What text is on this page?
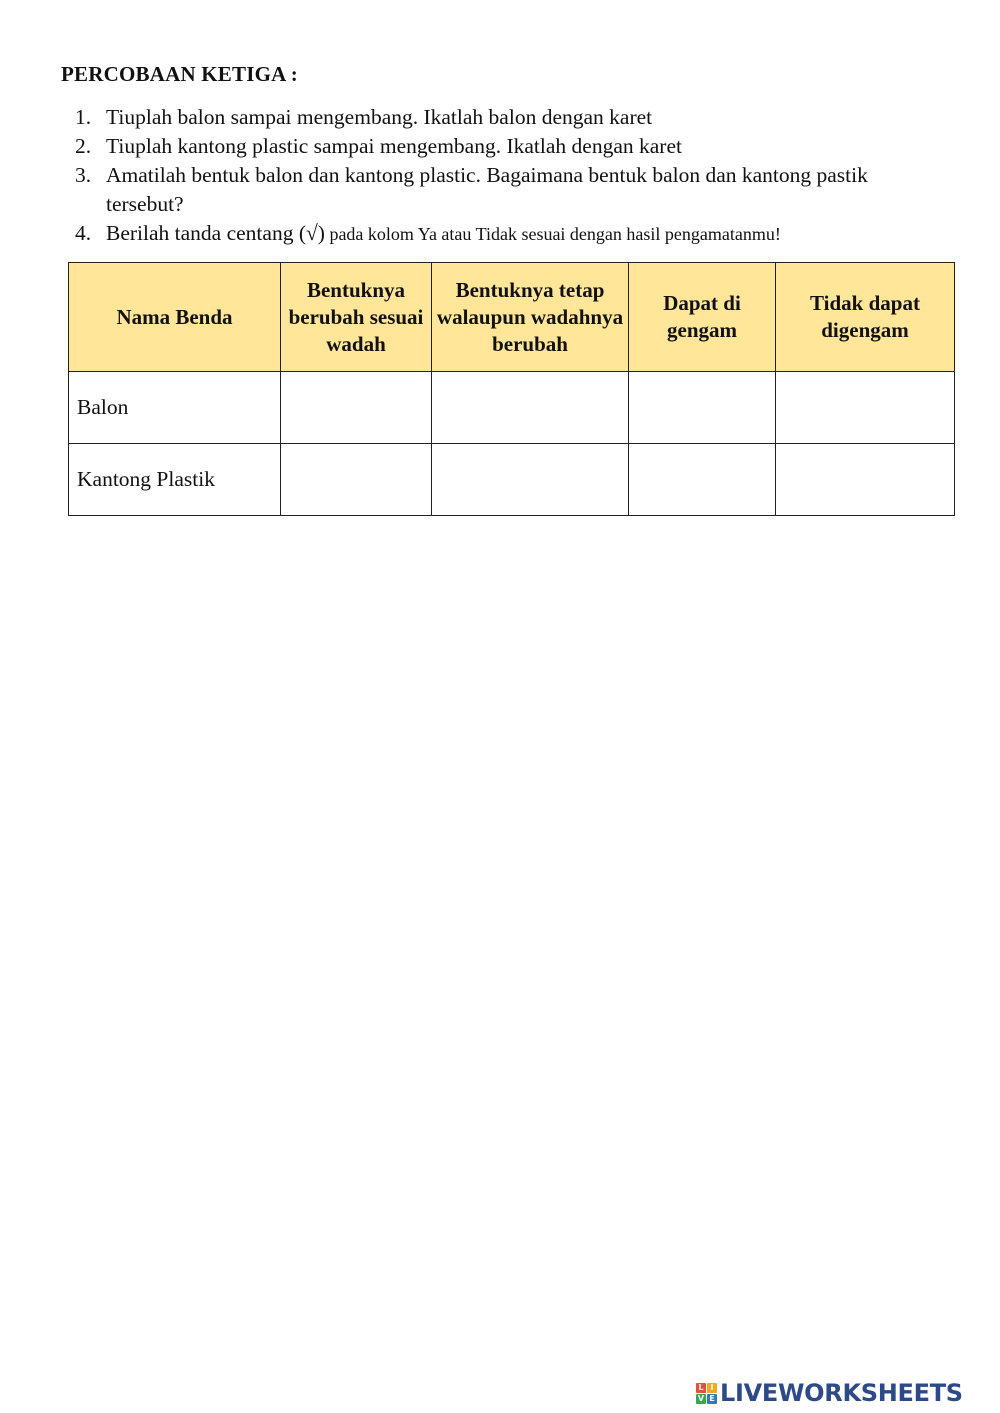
PERCOBAAN KETIGA :
1. Tiuplah balon sampai mengembang. Ikatlah balon dengan karet
2. Tiuplah kantong plastic sampai mengembang. Ikatlah dengan karet
3. Amatilah bentuk balon dan kantong plastic. Bagaimana bentuk balon dan kantong pastik tersebut?
4. Berilah tanda centang (√) pada kolom Ya atau Tidak sesuai dengan hasil pengamatanmu!
Nama Benda	Bentuknya berubah sesuai wadah	Bentuknya tetap walaupun wadahnya berubah	Dapat di gengam	Tidak dapat digengam
Balon				
Kantong Plastik				
L I
V E LIVEWORKSHEETS
